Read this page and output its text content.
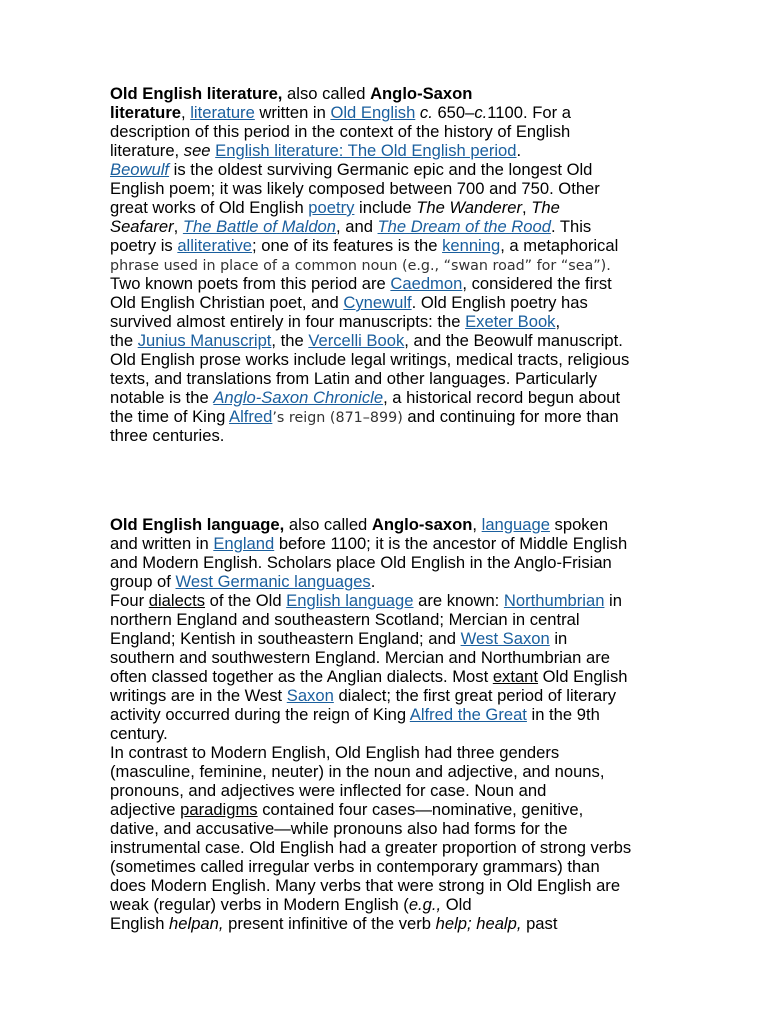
Old English literature, also called Anglo-Saxon
literature, literature written in Old English c. 650–c.1100. For a
description of this period in the context of the history of English
literature, see English literature: The Old English period.
Beowulf is the oldest surviving Germanic epic and the longest Old
English poem; it was likely composed between 700 and 750. Other
great works of Old English poetry include The Wanderer, The
Seafarer, The Battle of Maldon, and The Dream of the Rood. This
poetry is alliterative; one of its features is the kenning, a metaphorical
phrase used in place of a common noun (e.g., “swan road” for “sea”).
Two known poets from this period are Caedmon, considered the first
Old English Christian poet, and Cynewulf. Old English poetry has
survived almost entirely in four manuscripts: the Exeter Book,
the Junius Manuscript, the Vercelli Book, and the Beowulf manuscript.
Old English prose works include legal writings, medical tracts, religious
texts, and translations from Latin and other languages. Particularly
notable is the Anglo-Saxon Chronicle, a historical record begun about
the time of King Alfred’s reign (871–899) and continuing for more than
three centuries.
Old English language, also called Anglo-saxon, language spoken
and written in England before 1100; it is the ancestor of Middle English
and Modern English. Scholars place Old English in the Anglo-Frisian
group of West Germanic languages.
Four dialects of the Old English language are known: Northumbrian in
northern England and southeastern Scotland; Mercian in central
England; Kentish in southeastern England; and West Saxon in
southern and southwestern England. Mercian and Northumbrian are
often classed together as the Anglian dialects. Most extant Old English
writings are in the West Saxon dialect; the first great period of literary
activity occurred during the reign of King Alfred the Great in the 9th
century.
In contrast to Modern English, Old English had three genders
(masculine, feminine, neuter) in the noun and adjective, and nouns,
pronouns, and adjectives were inflected for case. Noun and
adjective paradigms contained four cases—nominative, genitive,
dative, and accusative—while pronouns also had forms for the
instrumental case. Old English had a greater proportion of strong verbs
(sometimes called irregular verbs in contemporary grammars) than
does Modern English. Many verbs that were strong in Old English are
weak (regular) verbs in Modern English (e.g., Old
English helpan, present infinitive of the verb help; healp, past
